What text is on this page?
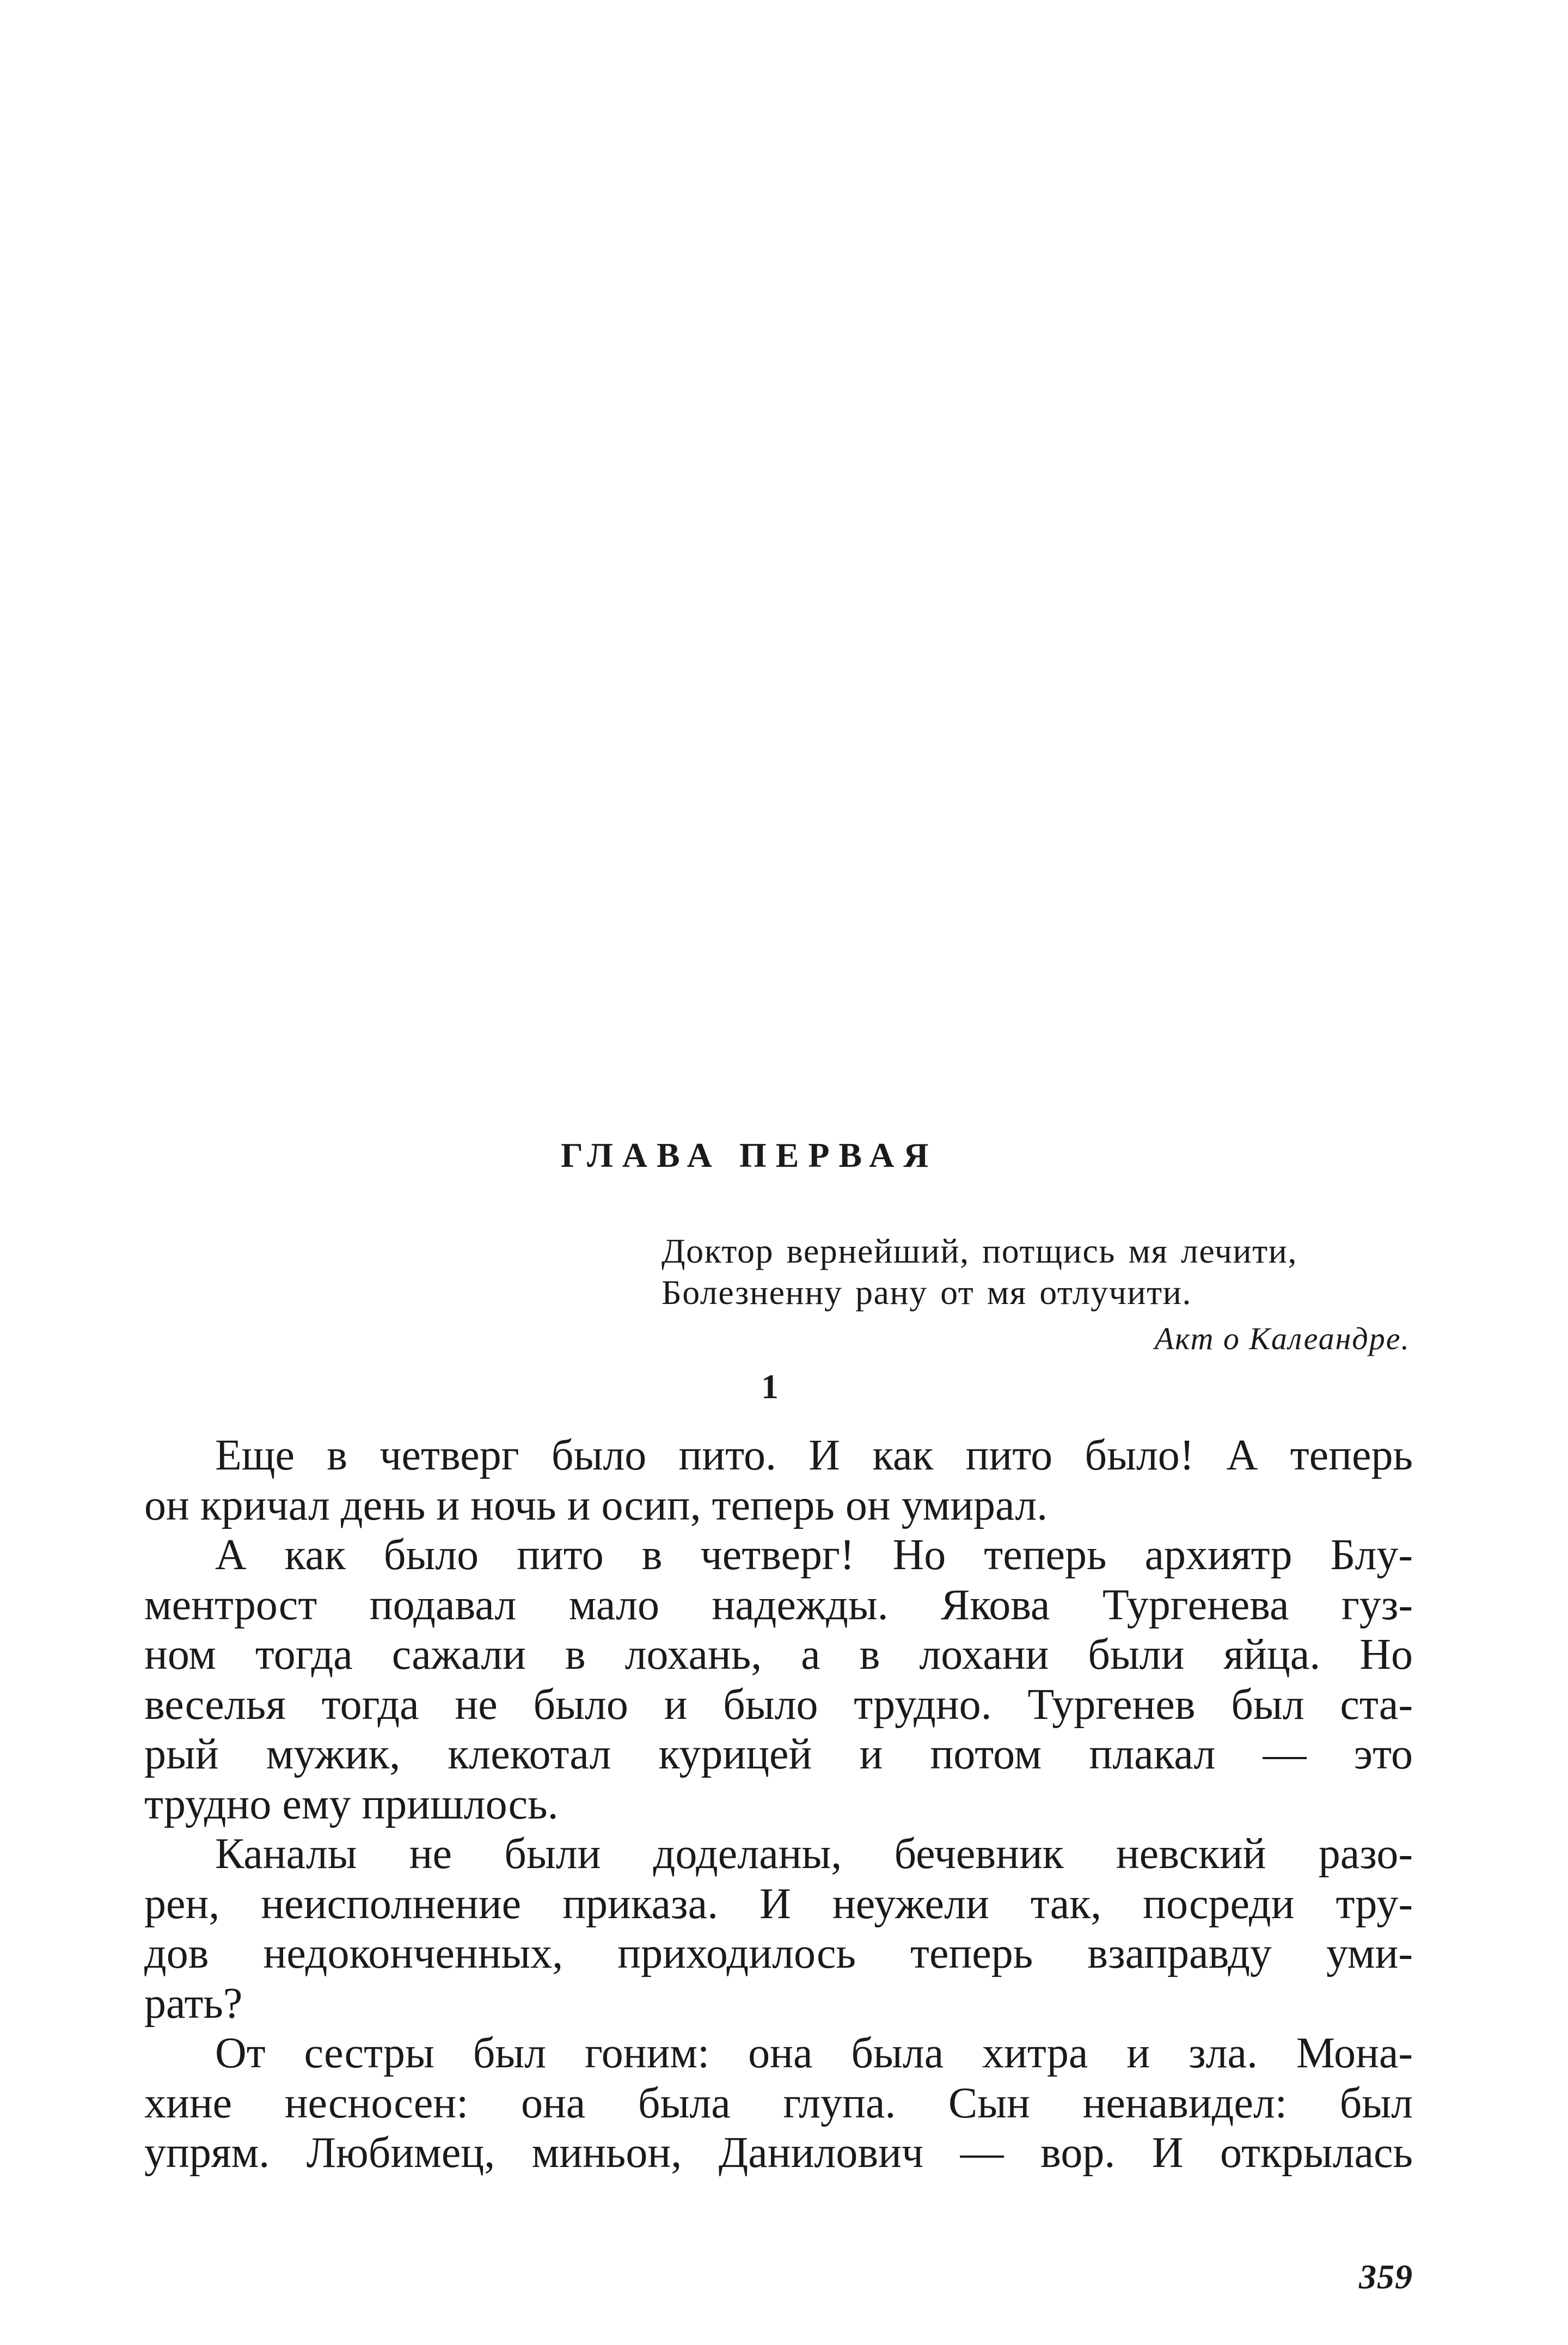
ГЛАВА ПЕРВАЯ
Доктор вернейший, потщись мя лечити,
Болезненну рану от мя отлучити.
Акт о Калеандре.
1
Еще в четверг было пито. И как пито было! А теперь
он кричал день и ночь и осип, теперь он умирал.
А как было пито в четверг! Но теперь архиятр Блу-
ментрост подавал мало надежды. Якова Тургенева гуз-
ном тогда сажали в лохань, а в лохани были яйца. Но
веселья тогда не было и было трудно. Тургенев был ста-
рый мужик, клекотал курицей и потом плакал — это
трудно ему пришлось.
Каналы не были доделаны, бечевник невский разо-
рен, неисполнение приказа. И неужели так, посреди тру-
дов недоконченных, приходилось теперь взаправду уми-
рать?
От сестры был гоним: она была хитра и зла. Мона-
хине несносен: она была глупа. Сын ненавидел: был
упрям. Любимец, миньон, Данилович — вор. И открылась
359
